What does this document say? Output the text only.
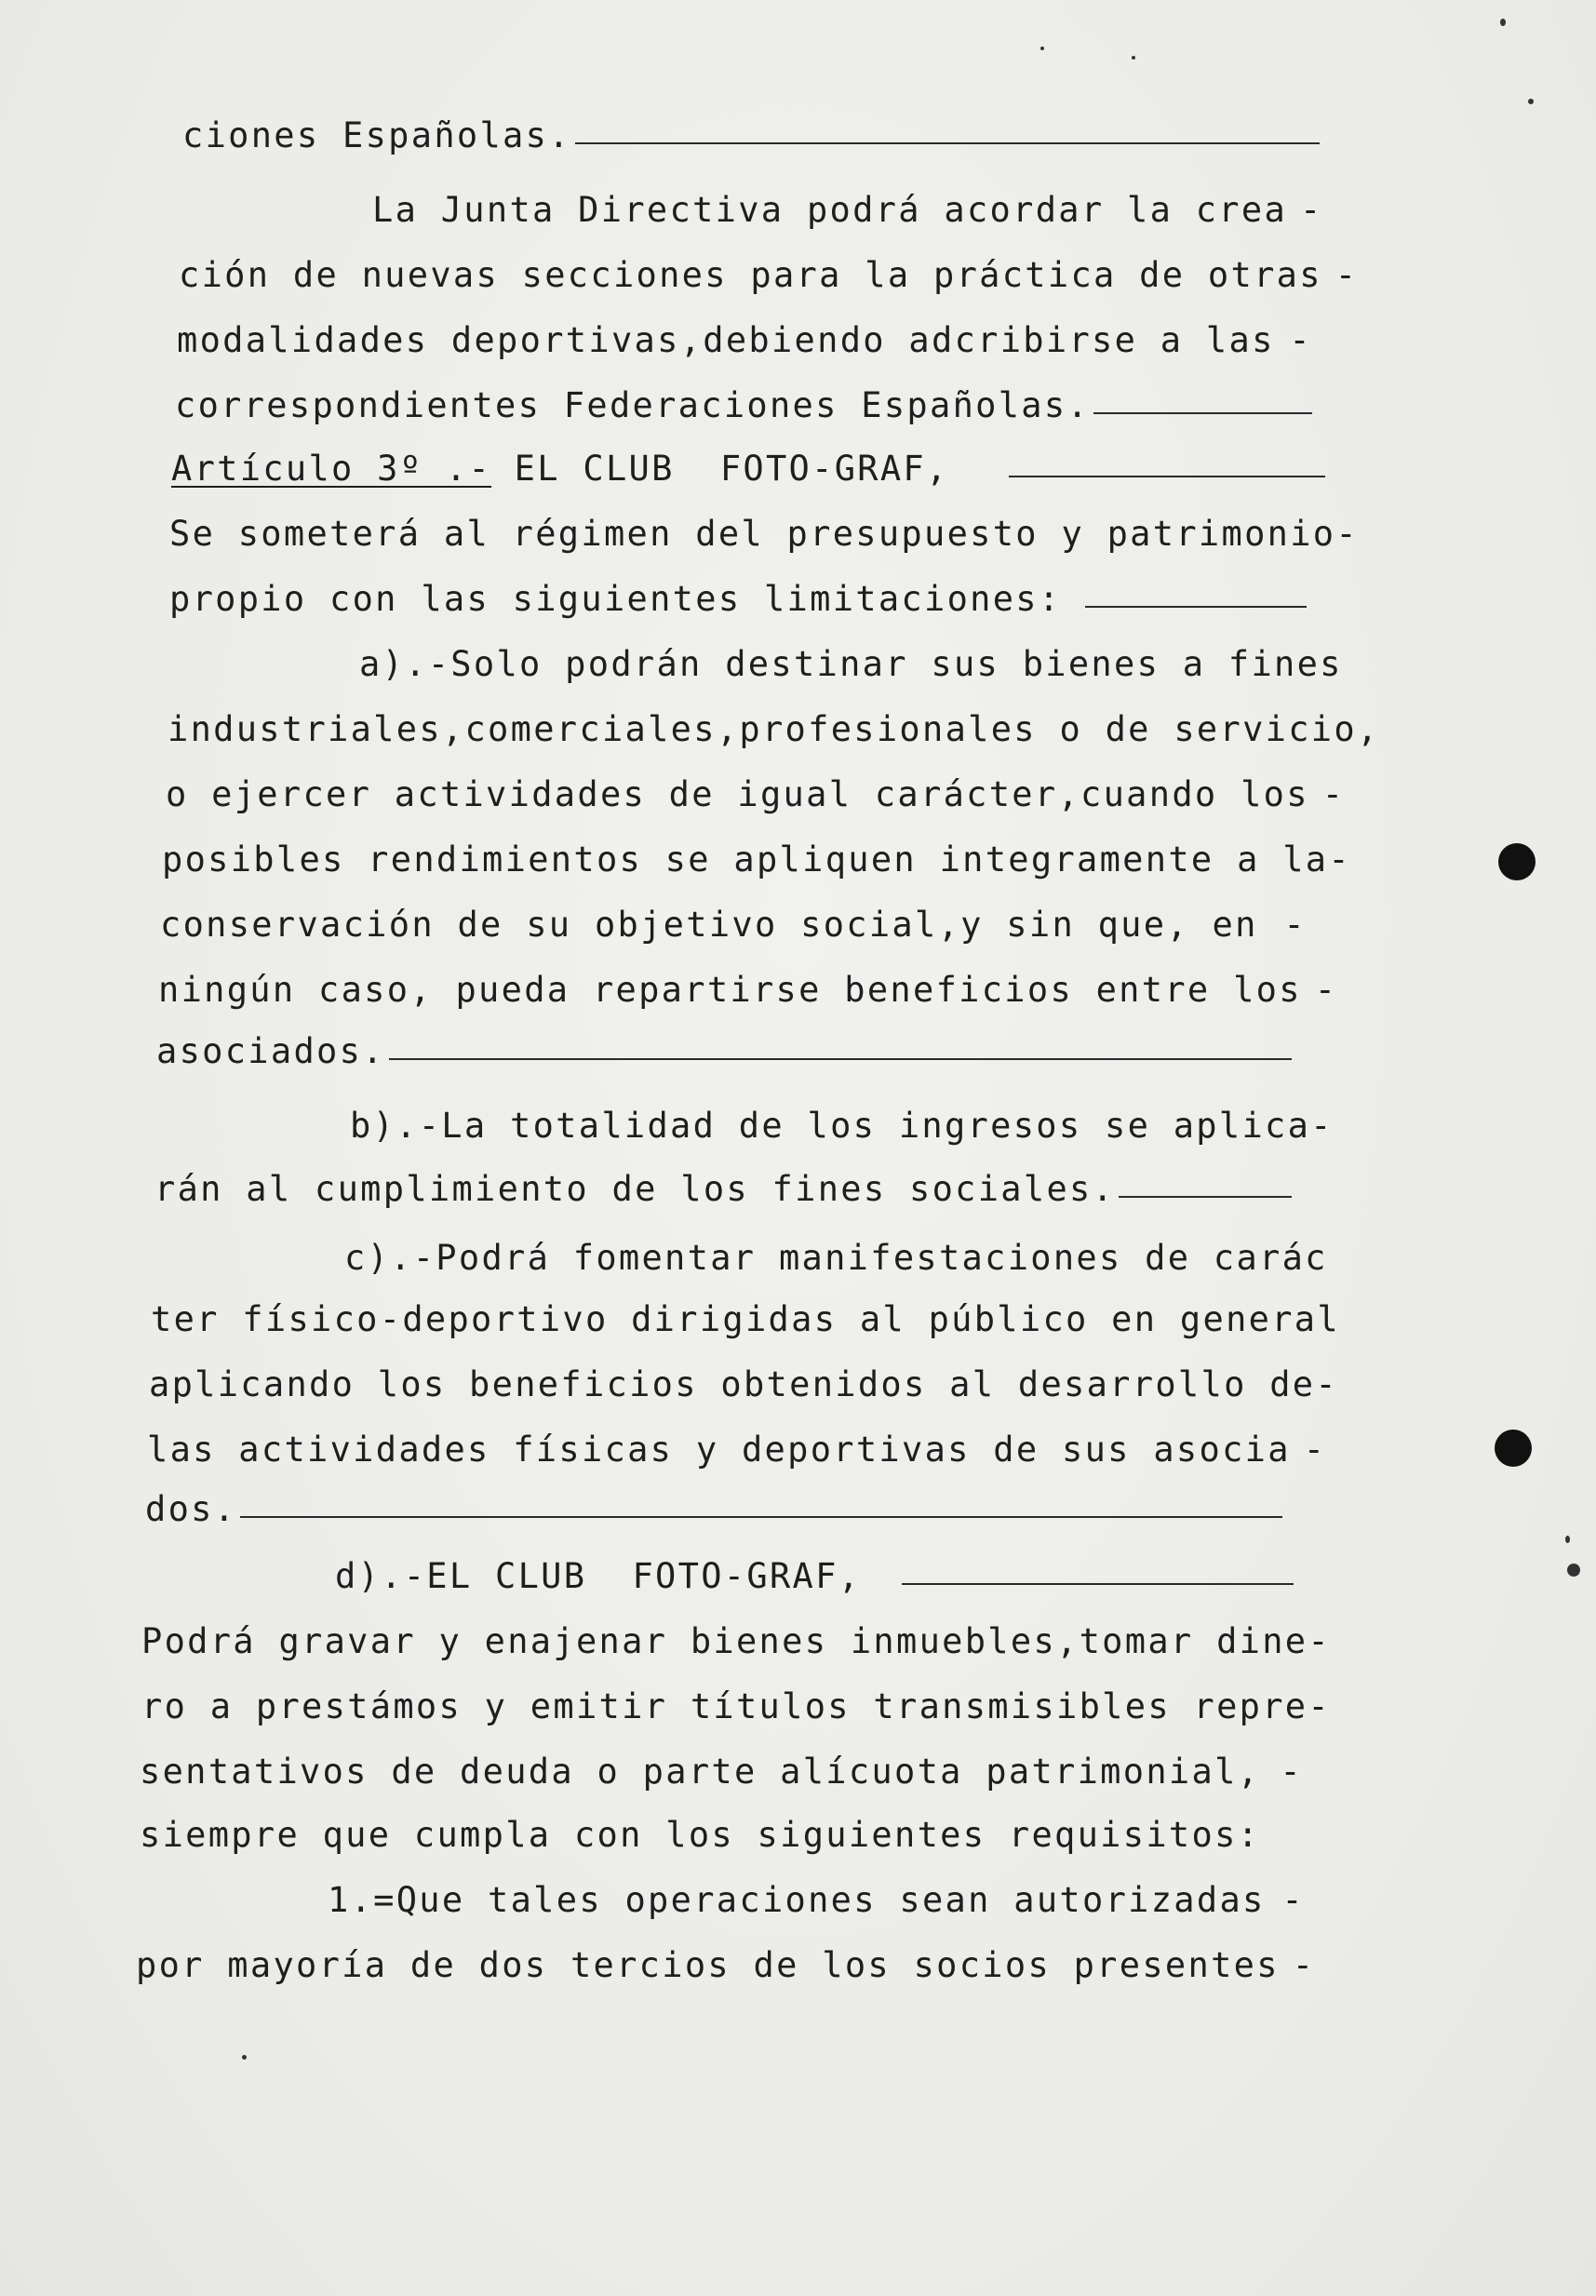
ciones Españolas.
La Junta Directiva podrá acordar la crea -
ción de nuevas secciones para la práctica de otras -
modalidades deportivas,debiendo adcribirse a las -
correspondientes Federaciones Españolas.
Artículo 3º .- EL CLUB  FOTO-GRAF,
Se someterá al régimen del presupuesto y patrimonio-
propio con las siguientes limitaciones:
a).-Solo podrán destinar sus bienes a fines
industriales,comerciales,profesionales o de servicio,
o ejercer actividades de igual carácter,cuando los -
posibles rendimientos se apliquen integramente a la-
conservación de su objetivo social,y sin que, en -
ningún caso, pueda repartirse beneficios entre los -
asociados.
b).-La totalidad de los ingresos se aplica-
rán al cumplimiento de los fines sociales.
c).-Podrá fomentar manifestaciones de carác
ter físico-deportivo dirigidas al público en general
aplicando los beneficios obtenidos al desarrollo de-
las actividades físicas y deportivas de sus asocia -
dos.
d).-EL CLUB  FOTO-GRAF,
Podrá gravar y enajenar bienes inmuebles,tomar dine-
ro a prestámos y emitir títulos transmisibles repre-
sentativos de deuda o parte alícuota patrimonial, -
siempre que cumpla con los siguientes requisitos:
1.=Que tales operaciones sean autorizadas -
por mayoría de dos tercios de los socios presentes -
